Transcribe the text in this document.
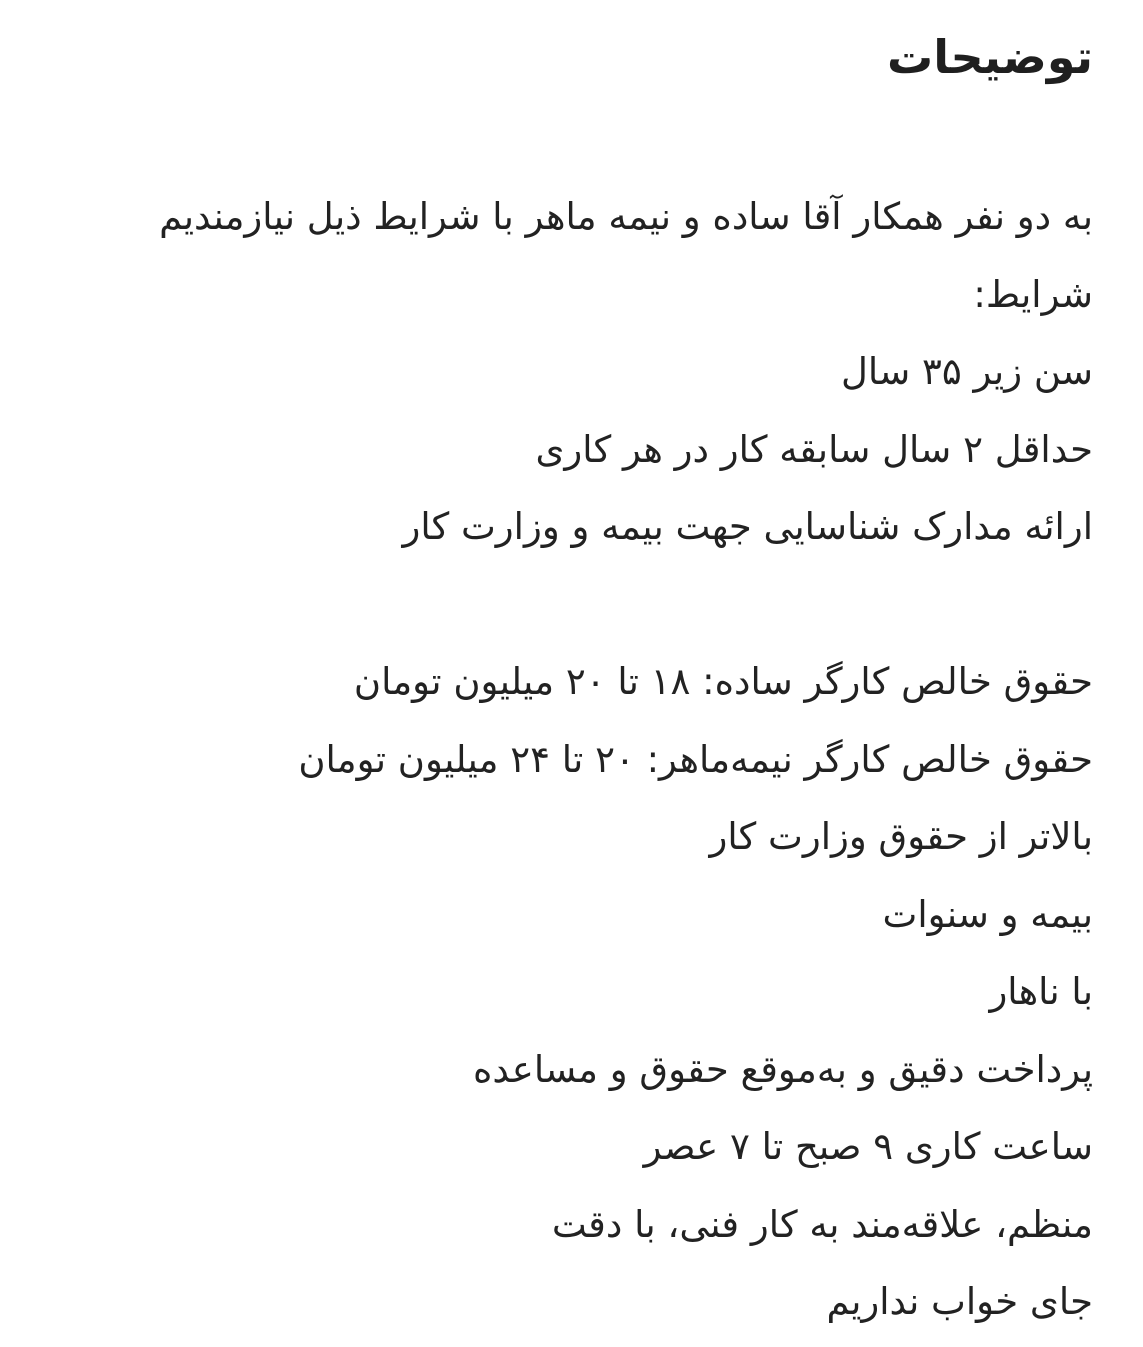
توضیحات
به دو نفر همکار آقا ساده و نیمه ماهر با شرایط ذیل نیازمندیم
شرایط:
سن زیر ۳۵ سال
حداقل ۲ سال سابقه کار در هر کاری
ارائه مدارک شناسایی جهت بیمه و وزارت کار
حقوق خالص کارگر ساده: ۱۸ تا ۲۰ میلیون تومان
حقوق خالص کارگر نیمه‌ماهر: ۲۰ تا ۲۴ میلیون تومان
بالاتر از حقوق وزارت کار
بیمه و سنوات
با ناهار
پرداخت دقیق و به‌موقع حقوق و مساعده
ساعت کاری ۹ صبح تا ۷ عصر
منظم، علاقه‌مند به کار فنی، با دقت
جای خواب نداریم
